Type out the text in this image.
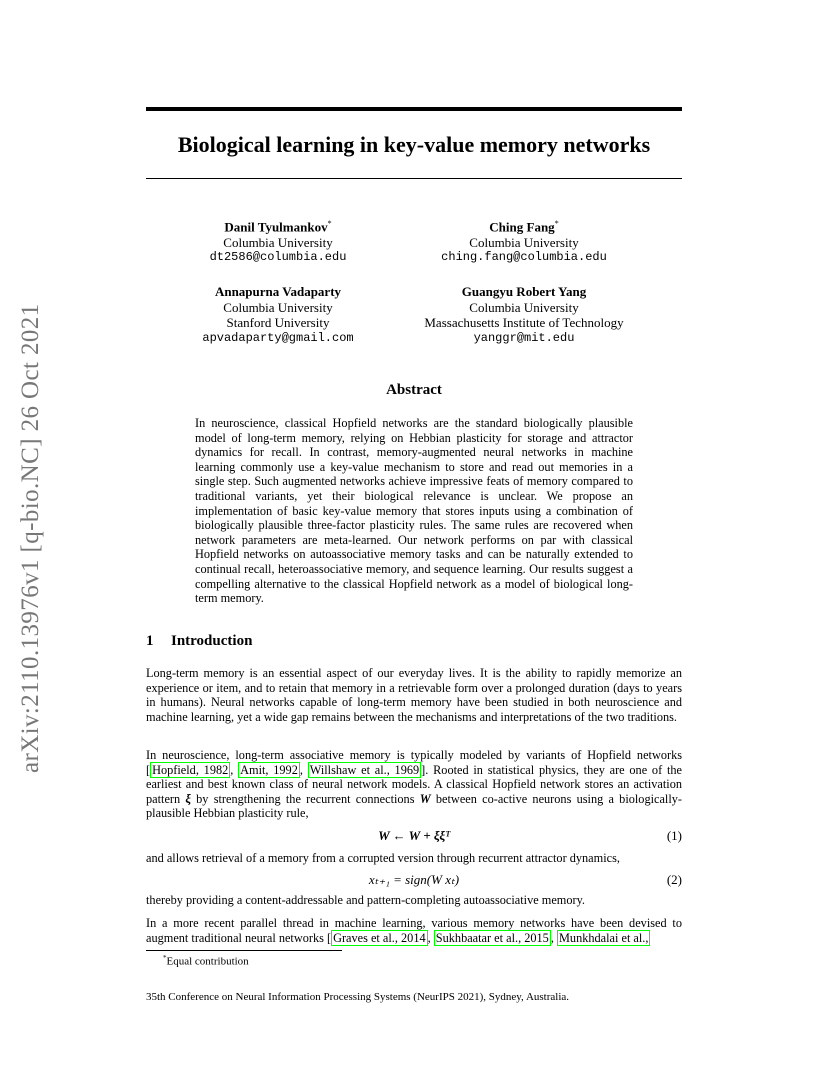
arXiv:2110.13976v1 [q-bio.NC] 26 Oct 2021
Biological learning in key-value memory networks
Danil Tyulmankov*
Columbia University
dt2586@columbia.edu
Ching Fang*
Columbia University
ching.fang@columbia.edu
Annapurna Vadaparty
Columbia University
Stanford University
apvadaparty@gmail.com
Guangyu Robert Yang
Columbia University
Massachusetts Institute of Technology
yanggr@mit.edu
Abstract
In neuroscience, classical Hopfield networks are the standard biologically plausible model of long-term memory, relying on Hebbian plasticity for storage and attractor dynamics for recall. In contrast, memory-augmented neural networks in machine learning commonly use a key-value mechanism to store and read out memories in a single step. Such augmented networks achieve impressive feats of memory compared to traditional variants, yet their biological relevance is unclear. We propose an implementation of basic key-value memory that stores inputs using a combination of biologically plausible three-factor plasticity rules. The same rules are recovered when network parameters are meta-learned. Our network performs on par with classical Hopfield networks on autoassociative memory tasks and can be naturally extended to continual recall, heteroassociative memory, and sequence learning. Our results suggest a compelling alternative to the classical Hopfield network as a model of biological long-term memory.
1 Introduction
Long-term memory is an essential aspect of our everyday lives. It is the ability to rapidly memorize an experience or item, and to retain that memory in a retrievable form over a prolonged duration (days to years in humans). Neural networks capable of long-term memory have been studied in both neuroscience and machine learning, yet a wide gap remains between the mechanisms and interpretations of the two traditions.
In neuroscience, long-term associative memory is typically modeled by variants of Hopfield networks [ Hopfield, 1982 , Amit, 1992 , Willshaw et al., 1969 ]. Rooted in statistical physics, they are one of the earliest and best known class of neural network models. A classical Hopfield network stores an activation pattern ξ by strengthening the recurrent connections W between co-active neurons using a biologically-plausible Hebbian plasticity rule,
W ← W + ξξᵀ	(1)
and allows retrieval of a memory from a corrupted version through recurrent attractor dynamics,
xₜ₊₁ = sign(W xₜ)	(2)
thereby providing a content-addressable and pattern-completing autoassociative memory.
In a more recent parallel thread in machine learning, various memory networks have been devised to augment traditional neural networks [ Graves et al., 2014 , Sukhbaatar et al., 2015 , Munkhdalai et al.,
*Equal contribution
35th Conference on Neural Information Processing Systems (NeurIPS 2021), Sydney, Australia.
